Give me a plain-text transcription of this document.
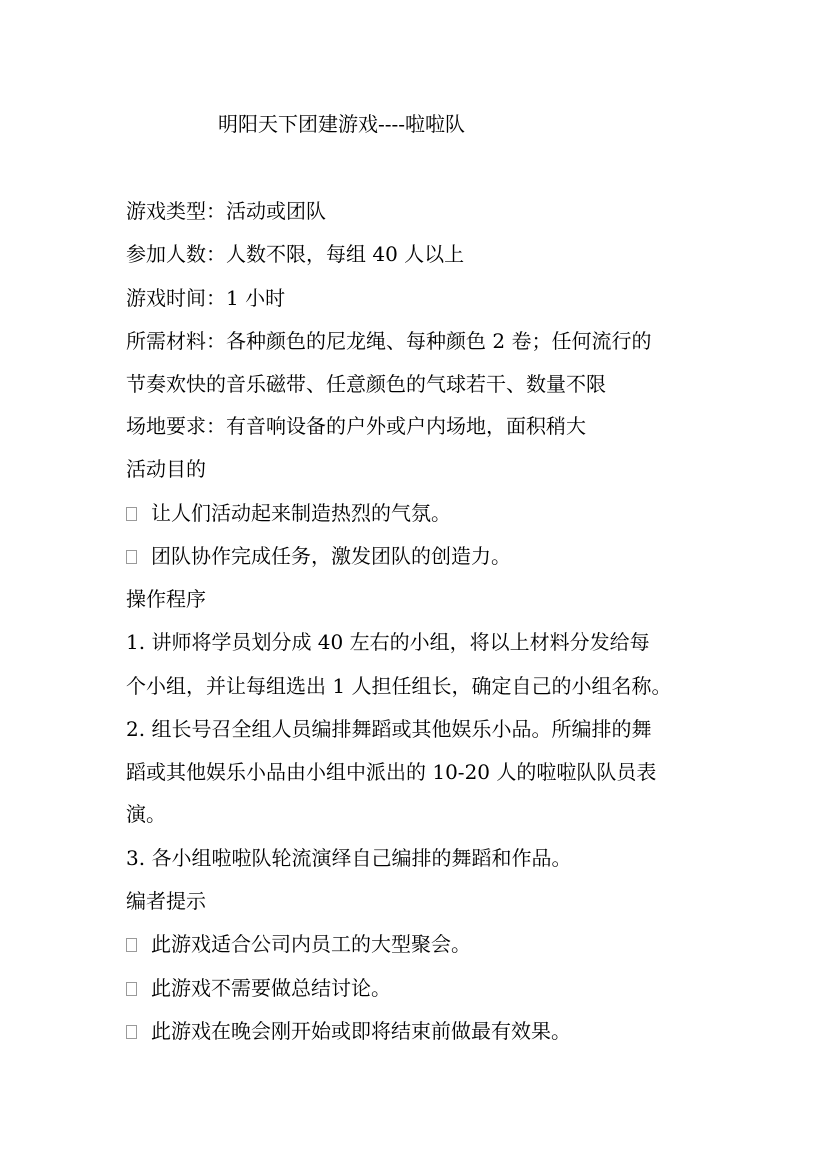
明阳天下团建游戏----啦啦队
游戏类型：活动或团队
参加人数：人数不限，每组 40 人以上
游戏时间：1 小时
所需材料：各种颜色的尼龙绳、每种颜色 2 卷；任何流行的
节奏欢快的音乐磁带、任意颜色的气球若干、数量不限
场地要求：有音响设备的户外或户内场地，面积稍大
活动目的
让人们活动起来制造热烈的气氛。
团队协作完成任务，激发团队的创造力。
操作程序
1. 讲师将学员划分成 40 左右的小组，将以上材料分发给每
个小组，并让每组选出 1 人担任组长，确定自己的小组名称。
2. 组长号召全组人员编排舞蹈或其他娱乐小品。所编排的舞
蹈或其他娱乐小品由小组中派出的 10-20 人的啦啦队队员表
演。
3. 各小组啦啦队轮流演绎自己编排的舞蹈和作品。
编者提示
此游戏适合公司内员工的大型聚会。
此游戏不需要做总结讨论。
此游戏在晚会刚开始或即将结束前做最有效果。
